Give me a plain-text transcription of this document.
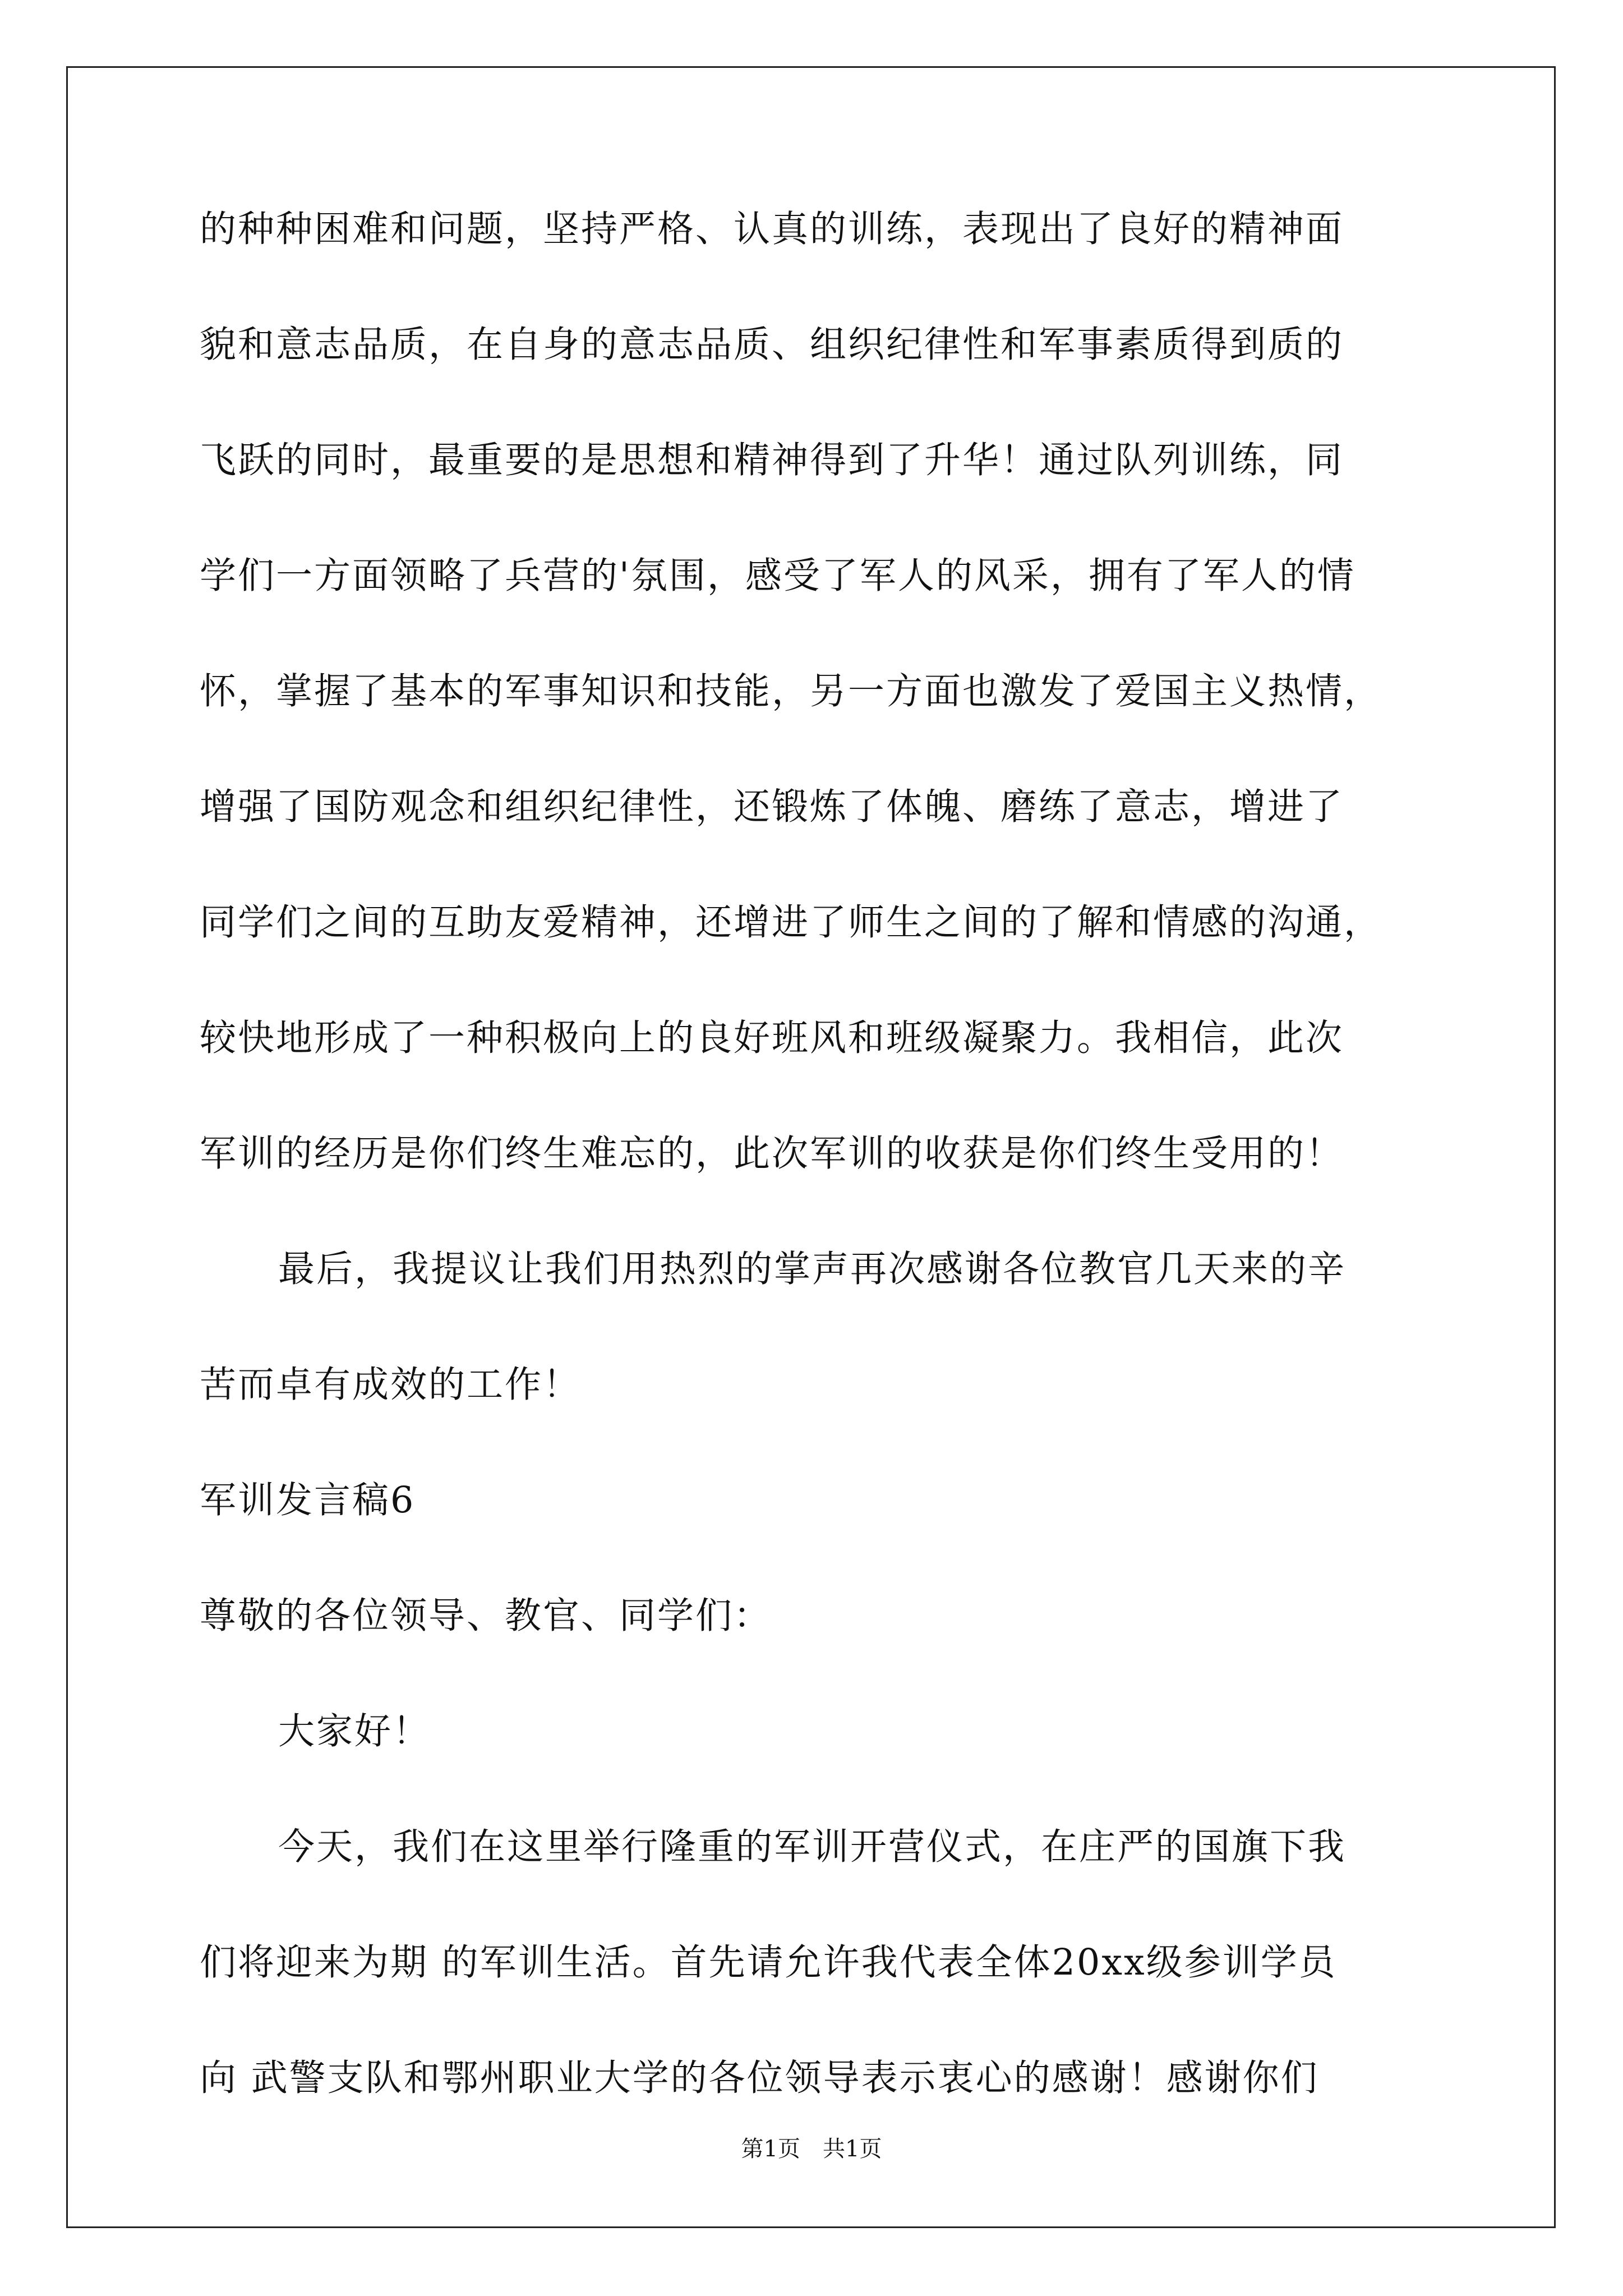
的种种困难和问题，坚持严格、认真的训练，表现出了良好的精神面
貌和意志品质，在自身的意志品质、组织纪律性和军事素质得到质的
飞跃的同时，最重要的是思想和精神得到了升华！通过队列训练，同
学们一方面领略了兵营的'氛围，感受了军人的风采，拥有了军人的情
怀，掌握了基本的军事知识和技能，另一方面也激发了爱国主义热情，
增强了国防观念和组织纪律性，还锻炼了体魄、磨练了意志，增进了
同学们之间的互助友爱精神，还增进了师生之间的了解和情感的沟通，
较快地形成了一种积极向上的良好班风和班级凝聚力。我相信，此次
军训的经历是你们终生难忘的，此次军训的收获是你们终生受用的！
最后，我提议让我们用热烈的掌声再次感谢各位教官几天来的辛
苦而卓有成效的工作！
军训发言稿6
尊敬的各位领导、教官、同学们：
大家好！
今天，我们在这里举行隆重的军训开营仪式，在庄严的国旗下我
们将迎来为期 的军训生活。首先请允许我代表全体20xx级参训学员
向 武警支队和鄂州职业大学的各位领导表示衷心的感谢！感谢你们
第1页　共1页
